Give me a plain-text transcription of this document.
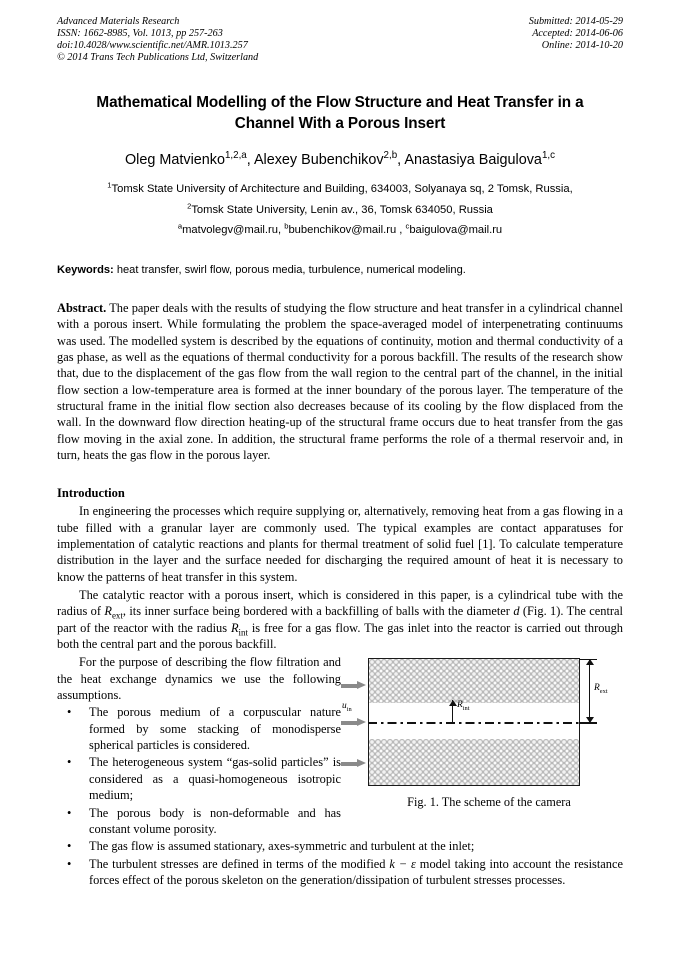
Advanced Materials Research
ISSN: 1662-8985, Vol. 1013, pp 257-263
doi:10.4028/www.scientific.net/AMR.1013.257
© 2014 Trans Tech Publications Ltd, Switzerland
Submitted: 2014-05-29
Accepted: 2014-06-06
Online: 2014-10-20
Mathematical Modelling of the Flow Structure and Heat Transfer in a Channel With a Porous Insert
Oleg Matvienko$^{1,2,a}$, Alexey Bubenchikov$^{2,b}$, Anastasiya Baigulova$^{1,c}$
$^1$Tomsk State University of Architecture and Building, 634003, Solyanaya sq, 2 Tomsk, Russia,
$^2$Tomsk State University, Lenin av., 36, Tomsk 634050, Russia
$^a$matvolegv@mail.ru, $^b$bubenchikov@mail.ru , $^c$baigulova@mail.ru
Keywords: heat transfer, swirl flow, porous media, turbulence, numerical modeling.
Abstract. The paper deals with the results of studying the flow structure and heat transfer in a cylindrical channel with a porous insert. While formulating the problem the space-averaged model of interpenetrating continuums was used. The modelled system is described by the equations of continuity, motion and thermal conductivity of a gas phase, as well as the equations of thermal conductivity for a porous backfill. The results of the research show that, due to the displacement of the gas flow from the wall region to the central part of the channel, in the initial flow section a low-temperature area is formed at the inner boundary of the porous layer. The temperature of the structural frame in the initial flow section also decreases because of its cooling by the flow displaced from the wall. In the downward flow direction heating-up of the structural frame occurs due to heat transfer from the gas flow moving in the axial zone. In addition, the structural frame performs the role of a thermal reservoir and, in turn, heats the gas flow in the porous layer.
Introduction

In engineering the processes which require supplying or, alternatively, removing heat from a gas flowing in a tube filled with a granular layer are commonly used. The typical examples are contact apparatuses for implementation of catalytic reactions and plants for thermal treatment of solid fuel [1]. To calculate temperature distribution in the layer and the surface needed for discharging the required amount of heat it is necessary to know the patterns of heat transfer in this system.

The catalytic reactor with a porous insert, which is considered in this paper, is a cylindrical tube with the radius of $R_{ext}$, its inner surface being bordered with a backfilling of balls with the diameter d (Fig. 1). The central part of the reactor with the radius $R_{int}$ is free for a gas flow. The gas inlet into the reactor is carried out through both the central part and the porous backfill.

$u_{in}$
$R_{ext}$
$R_{int}$
Fig. 1. The scheme of the camera

For the purpose of describing the flow filtration and the heat exchange dynamics we use the following assumptions.

• The porous medium of a corpuscular nature formed by some stacking of monodisperse spherical particles is considered.
• The heterogeneous system “gas-solid particles” is considered as a quasi-homogeneous isotropic medium;
• The porous body is non-deformable and has constant volume porosity.
• The gas flow is assumed stationary, axes-symmetric and turbulent at the inlet;
• The turbulent stresses are defined in terms of the modified k − ε model taking into account the resistance forces effect of the porous skeleton on the generation/dissipation of turbulent stresses processes.
